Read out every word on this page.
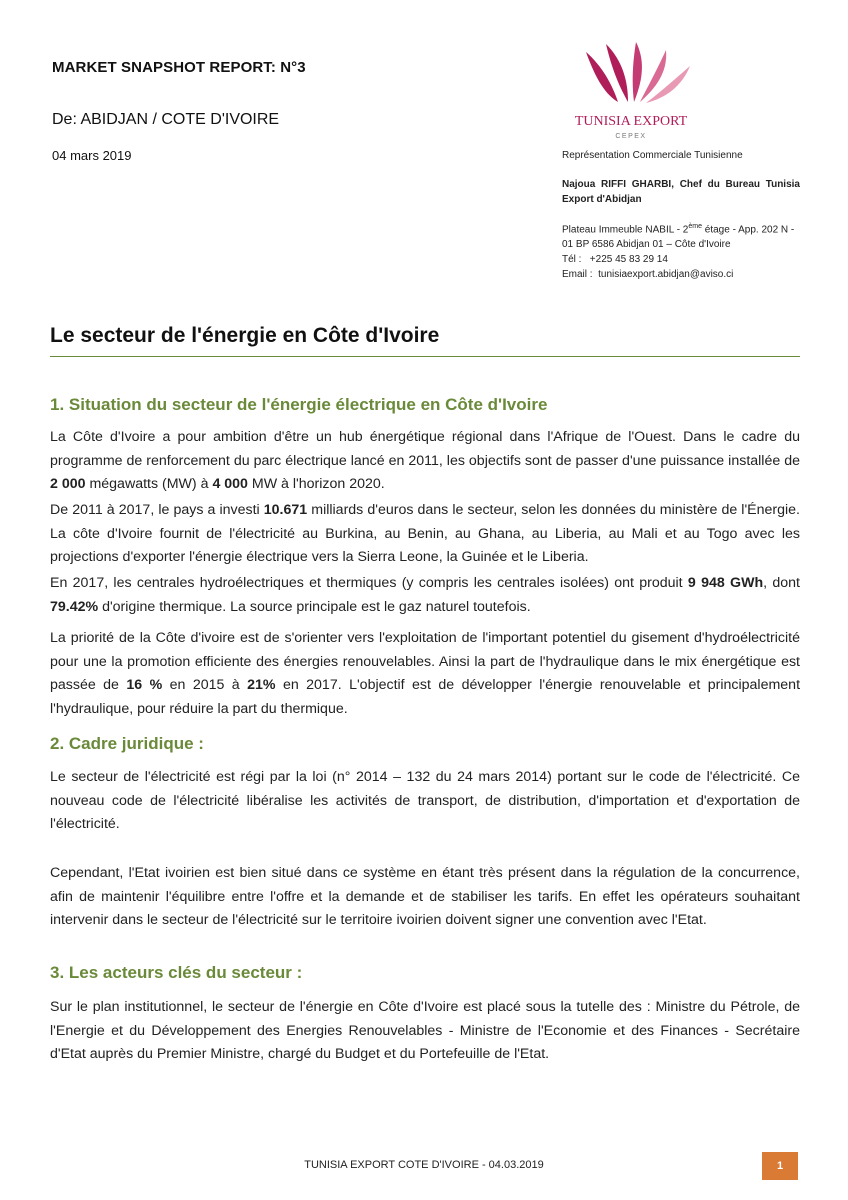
MARKET SNAPSHOT REPORT: N°3
De: ABIDJAN / COTE D'IVOIRE
04 mars 2019
TUNISIA EXPORT
CEPEX
Représentation Commerciale Tunisienne
Najoua RIFFI GHARBI, Chef du Bureau Tunisia Export d'Abidjan
Plateau Immeuble NABIL - 2ème étage - App. 202 N - 01 BP 6586 Abidjan 01 – Côte d'Ivoire
Tél : +225 45 83 29 14
Email : tunisiaexport.abidjan@aviso.ci
Le secteur de l'énergie en Côte d'Ivoire
1. Situation du secteur de l'énergie électrique en Côte d'Ivoire
La Côte d'Ivoire a pour ambition d'être un hub énergétique régional dans l'Afrique de l'Ouest. Dans le cadre du programme de renforcement du parc électrique lancé en 2011, les objectifs sont de passer d'une puissance installée de 2 000 mégawatts (MW) à 4 000 MW à l'horizon 2020.
De 2011 à 2017, le pays a investi 10.671 milliards d'euros dans le secteur, selon les données du ministère de l'Énergie. La côte d'Ivoire fournit de l'électricité au Burkina, au Benin, au Ghana, au Liberia, au Mali et au Togo avec les projections d'exporter l'énergie électrique vers la Sierra Leone, la Guinée et le Liberia.
En 2017, les centrales hydroélectriques et thermiques (y compris les centrales isolées) ont produit 9 948 GWh, dont 79.42% d'origine thermique. La source principale est le gaz naturel toutefois.
La priorité de la Côte d'ivoire est de s'orienter vers l'exploitation de l'important potentiel du gisement d'hydroélectricité pour une la promotion efficiente des énergies renouvelables. Ainsi la part de l'hydraulique dans le mix énergétique est passée de 16 % en 2015 à 21% en 2017. L'objectif est de développer l'énergie renouvelable et principalement l'hydraulique, pour réduire la part du thermique.
2. Cadre juridique :
Le secteur de l'électricité est régi par la loi (n° 2014 – 132 du 24 mars 2014) portant sur le code de l'électricité. Ce nouveau code de l'électricité libéralise les activités de transport, de distribution, d'importation et d'exportation de l'électricité.
Cependant, l'Etat ivoirien est bien situé dans ce système en étant très présent dans la régulation de la concurrence, afin de maintenir l'équilibre entre l'offre et la demande et de stabiliser les tarifs. En effet les opérateurs souhaitant intervenir dans le secteur de l'électricité sur le territoire ivoirien doivent signer une convention avec l'Etat.
3. Les acteurs clés du secteur :
Sur le plan institutionnel, le secteur de l'énergie en Côte d'Ivoire est placé sous la tutelle des : Ministre du Pétrole, de l'Energie et du Développement des Energies Renouvelables - Ministre de l'Economie et des Finances - Secrétaire d'Etat auprès du Premier Ministre, chargé du Budget et du Portefeuille de l'Etat.
TUNISIA EXPORT COTE D'IVOIRE - 04.03.2019	1
